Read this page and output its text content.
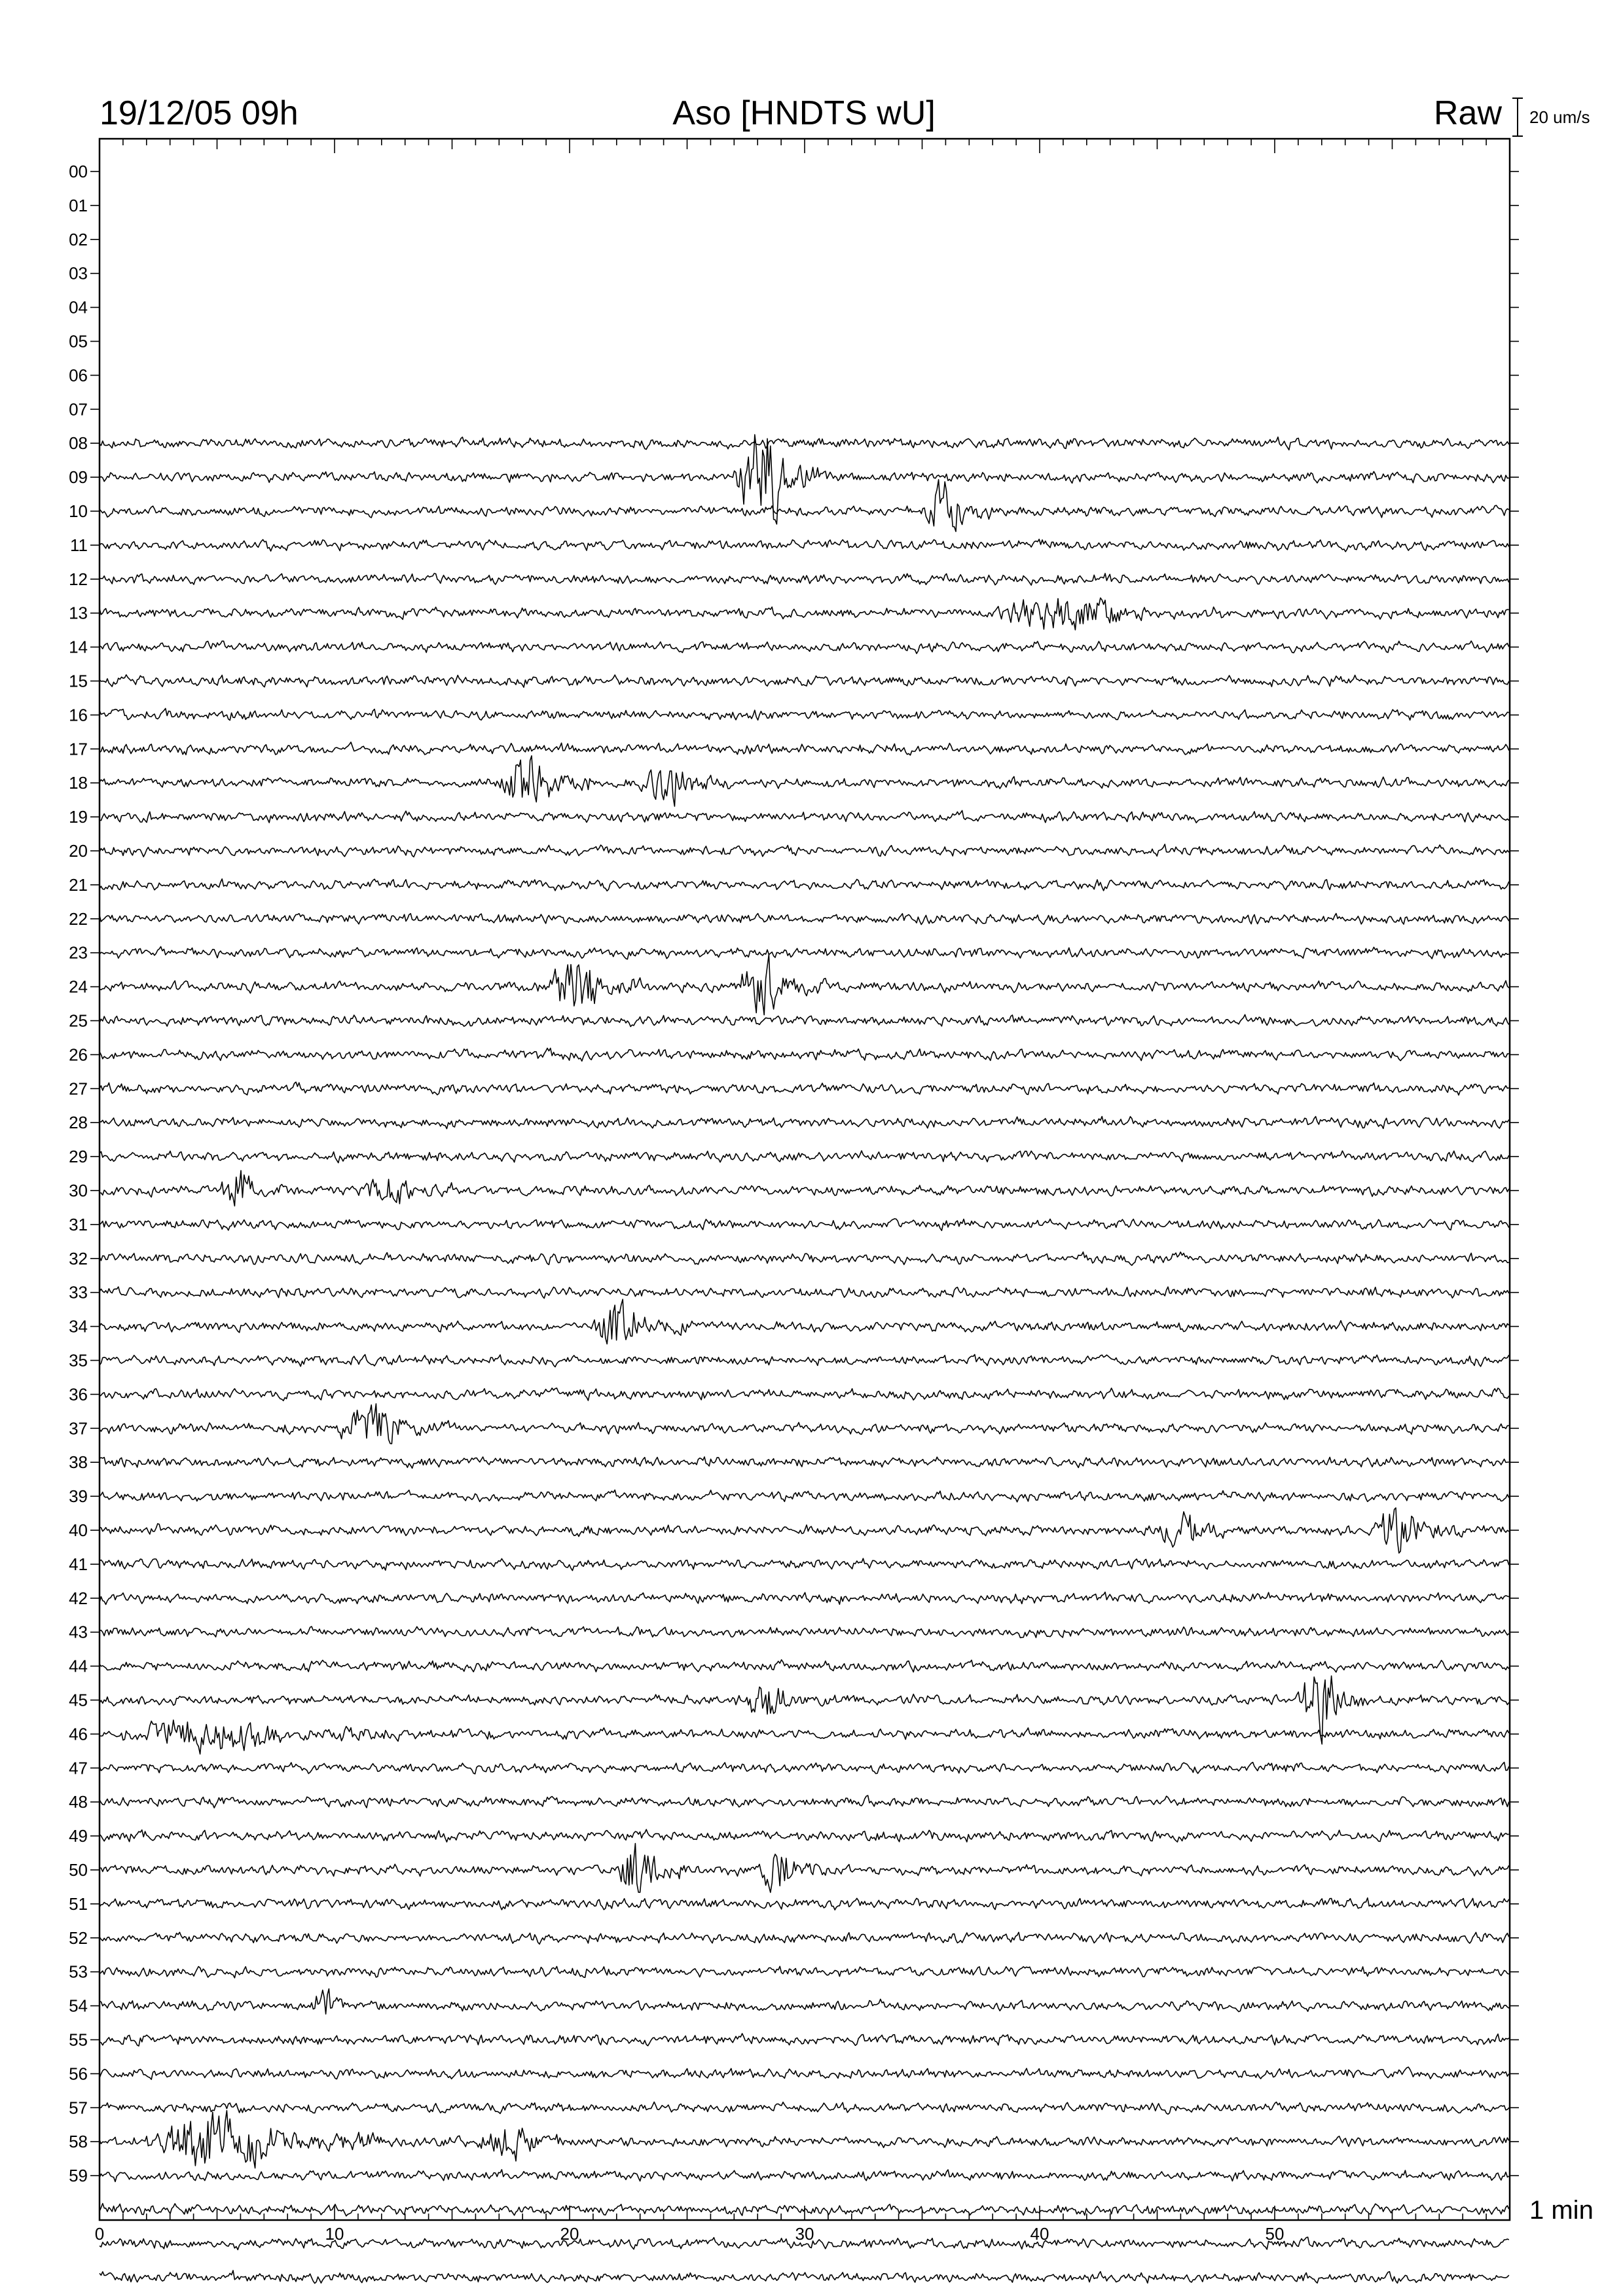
19/12/05 09h	Aso [HNDTS wU]	Raw 20 um/s
00
01
02
03
04
05
06
07
08
09
10
11
12
13
14
15
16
17
18
19
20
21
22
23
24
25
26
27
28
29
30
31
32
33
34
35
36
37
38
39
40
41
42
43
44
45
46
47
48
49
50
51
52
53
54
55
56
57
58
59
0	10	20	30	40	50
1 min
